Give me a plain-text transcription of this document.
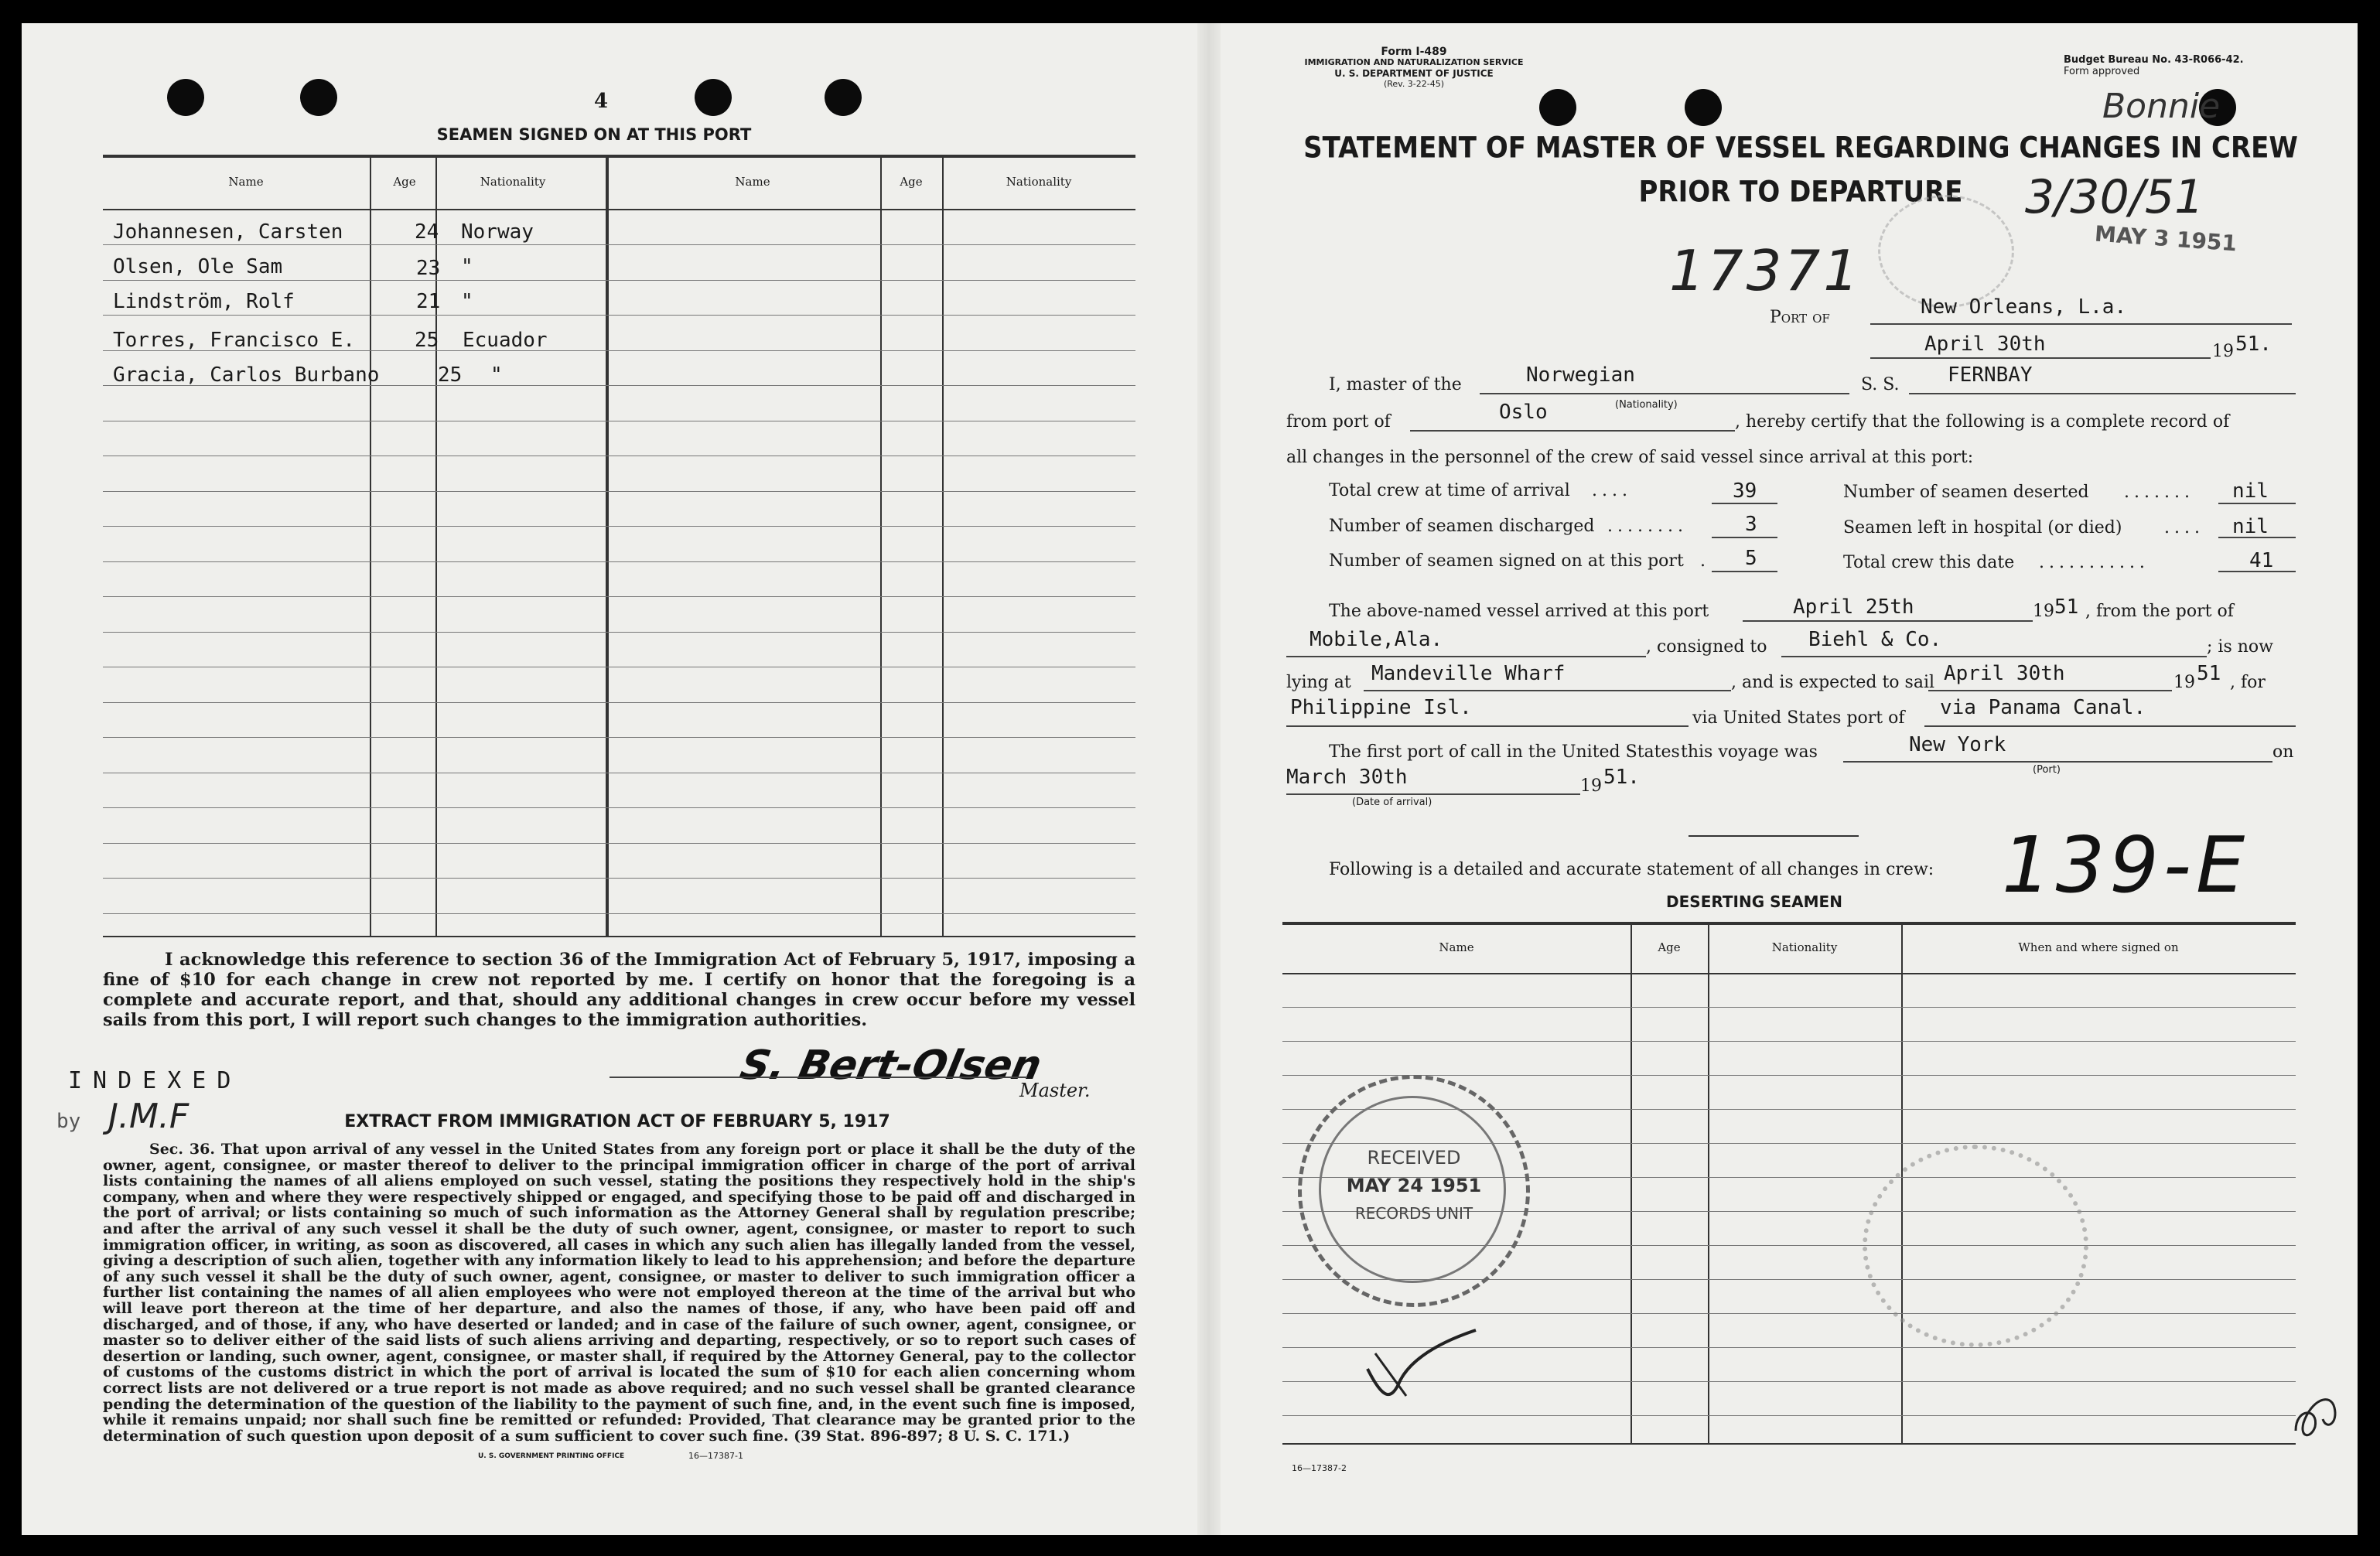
4
SEAMEN SIGNED ON AT THIS PORT
Name	Age	Nationality	Name	Age	Nationality
Johannesen, Carsten	24 Norway
Olsen, Ole Sam	23 "
Lindström, Rolf	21 "
Torres, Francisco E.	25 Ecuador
Gracia, Carlos Burbano	25 "
I acknowledge this reference to section 36 of the Immigration Act of February 5, 1917, imposing a fine of $10 for each change in crew not reported by me. I certify on honor that the foregoing is a complete and accurate report, and that, should any additional changes in crew occur before my vessel sails from this port, I will report such changes to the immigration authorities.
INDEXED
by J.M.F
S. Bert-Olsen
Master.
EXTRACT FROM IMMIGRATION ACT OF FEBRUARY 5, 1917
Sec. 36. That upon arrival of any vessel in the United States from any foreign port or place it shall be the duty of the owner, agent, consignee, or master thereof to deliver to the principal immigration officer in charge of the port of arrival lists containing the names of all aliens employed on such vessel, stating the positions they respectively hold in the ship's company, when and where they were respectively shipped or engaged, and specifying those to be paid off and discharged in the port of arrival; or lists containing so much of such information as the Attorney General shall by regulation prescribe; and after the arrival of any such vessel it shall be the duty of such owner, agent, consignee, or master to report to such immigration officer, in writing, as soon as discovered, all cases in which any such alien has illegally landed from the vessel, giving a description of such alien, together with any information likely to lead to his apprehension; and before the departure of any such vessel it shall be the duty of such owner, agent, consignee, or master to deliver to such immigration officer a further list containing the names of all alien employees who were not employed thereon at the time of the arrival but who will leave port thereon at the time of her departure, and also the names of those, if any, who have been paid off and discharged, and of those, if any, who have deserted or landed; and in case of the failure of such owner, agent, consignee, or master so to deliver either of the said lists of such aliens arriving and departing, respectively, or so to report such cases of desertion or landing, such owner, agent, consignee, or master shall, if required by the Attorney General, pay to the collector of customs of the customs district in which the port of arrival is located the sum of $10 for each alien concerning whom correct lists are not delivered or a true report is not made as above required; and no such vessel shall be granted clearance pending the determination of the question of the liability to the payment of such fine, and, in the event such fine is imposed, while it remains unpaid; nor shall such fine be remitted or refunded: Provided, That clearance may be granted prior to the determination of such question upon deposit of a sum sufficient to cover such fine. (39 Stat. 896-897; 8 U. S. C. 171.)
U. S. GOVERNMENT PRINTING OFFICE	16—17387-1
Form I-489
IMMIGRATION AND NATURALIZATION SERVICE
U. S. DEPARTMENT OF JUSTICE
(Rev. 3-22-45)
Budget Bureau No. 43-R066-42.
Form approved
STATEMENT OF MASTER OF VESSEL REGARDING CHANGES IN CREW
PRIOR TO DEPARTURE
Bonnie
3/30/51
MAY 3 1951
17371
Port of	New Orleans, L.a.
April 30th	19 51.
I, master of the	Norwegian	S. S. FERNBAY
from port of	Oslo	(Nationality)
, hereby certify that the following is a complete record of
all changes in the personnel of the crew of said vessel since arrival at this port:
Total crew at time of arrival ....	39
Number of seamen discharged ........	3
Number of seamen signed on at this port . 5
Number of seamen deserted ....... nil
Seamen left in hospital (or died) .... nil
Total crew this date ...........	41
The above-named vessel arrived at this port	April 25th	19 51 , from the port of
Mobile,Ala.	, consigned to Biehl & Co.	; is now
lying at Mandeville Wharf	, and is expected to sail April 30th	19 51 , for
Philippine Isl.	via United States port of via Panama Canal.
The first port of call in the United States this voyage was	New York	on
(Port)
March 30th	19 51.
(Date of arrival)
Following is a detailed and accurate statement of all changes in crew: 139-E
DESERTING SEAMEN
Name	Age	Nationality	When and where signed on
RECEIVED
MAY 24 1951
RECORDS UNIT
16—17387-2
